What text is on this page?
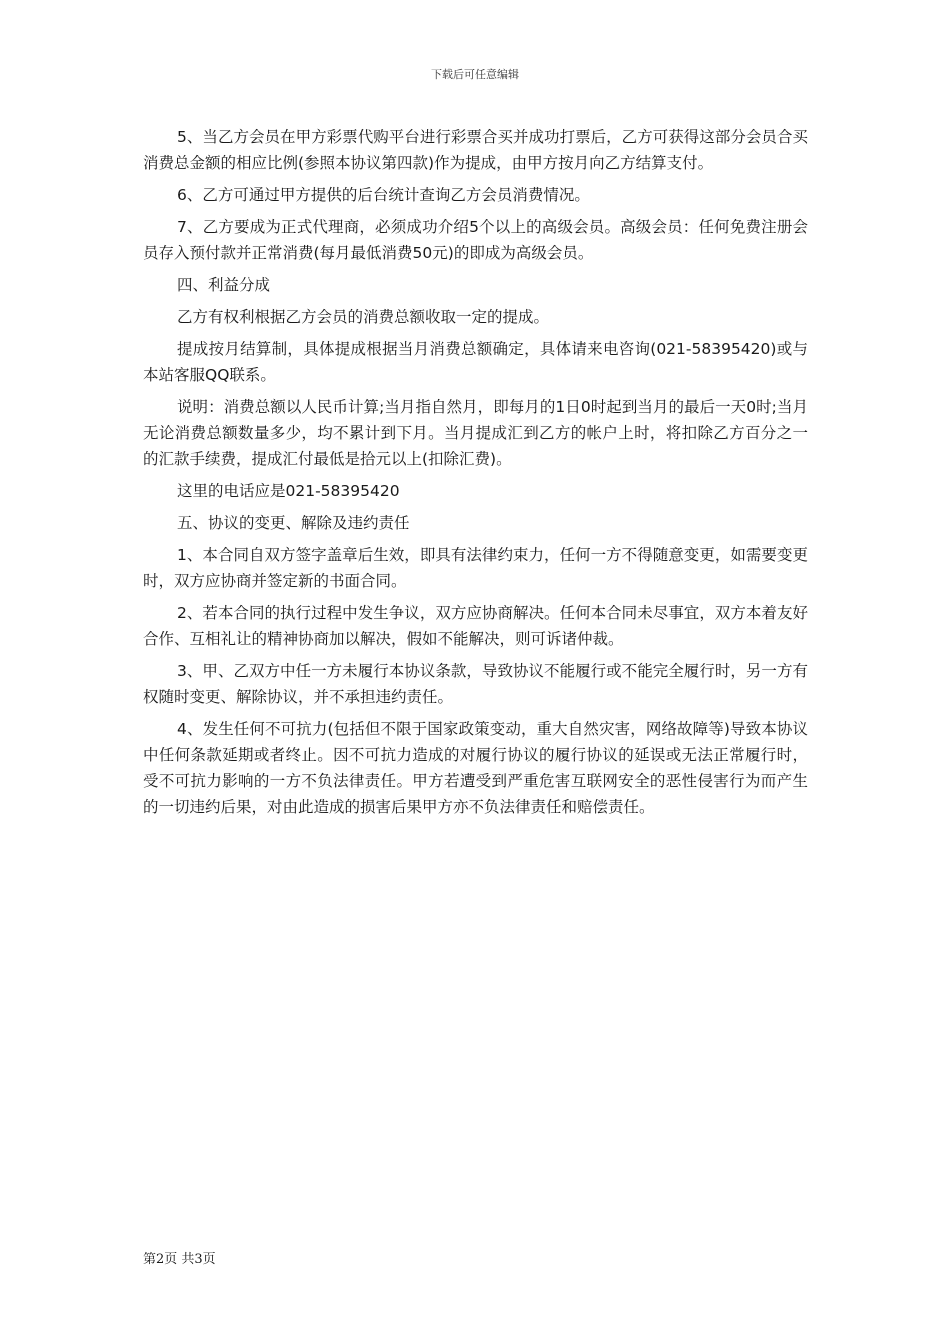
下载后可任意编辑

5、当乙方会员在甲方彩票代购平台进行彩票合买并成功打票后，乙方可获得这部分会员合买消费总金额的相应比例(参照本协议第四款)作为提成，由甲方按月向乙方结算支付。

6、乙方可通过甲方提供的后台统计查询乙方会员消费情况。

7、乙方要成为正式代理商，必须成功介绍5个以上的高级会员。高级会员：任何免费注册会员存入预付款并正常消费(每月最低消费50元)的即成为高级会员。

四、利益分成

乙方有权利根据乙方会员的消费总额收取一定的提成。

提成按月结算制，具体提成根据当月消费总额确定，具体请来电咨询(021-58395420)或与本站客服QQ联系。

说明：消费总额以人民币计算;当月指自然月，即每月的1日0时起到当月的最后一天0时;当月无论消费总额数量多少，均不累计到下月。当月提成汇到乙方的帐户上时，将扣除乙方百分之一的汇款手续费，提成汇付最低是拾元以上(扣除汇费)。

这里的电话应是021-58395420

五、协议的变更、解除及违约责任

1、本合同自双方签字盖章后生效，即具有法律约束力，任何一方不得随意变更，如需要变更时，双方应协商并签定新的书面合同。

2、若本合同的执行过程中发生争议，双方应协商解决。任何本合同未尽事宜，双方本着友好合作、互相礼让的精神协商加以解决，假如不能解决，则可诉诸仲裁。

3、甲、乙双方中任一方未履行本协议条款，导致协议不能履行或不能完全履行时，另一方有权随时变更、解除协议，并不承担违约责任。

4、发生任何不可抗力(包括但不限于国家政策变动，重大自然灾害，网络故障等)导致本协议中任何条款延期或者终止。因不可抗力造成的对履行协议的履行协议的延误或无法正常履行时，受不可抗力影响的一方不负法律责任。甲方若遭受到严重危害互联网安全的恶性侵害行为而产生的一切违约后果，对由此造成的损害后果甲方亦不负法律责任和赔偿责任。

第2页 共3页
